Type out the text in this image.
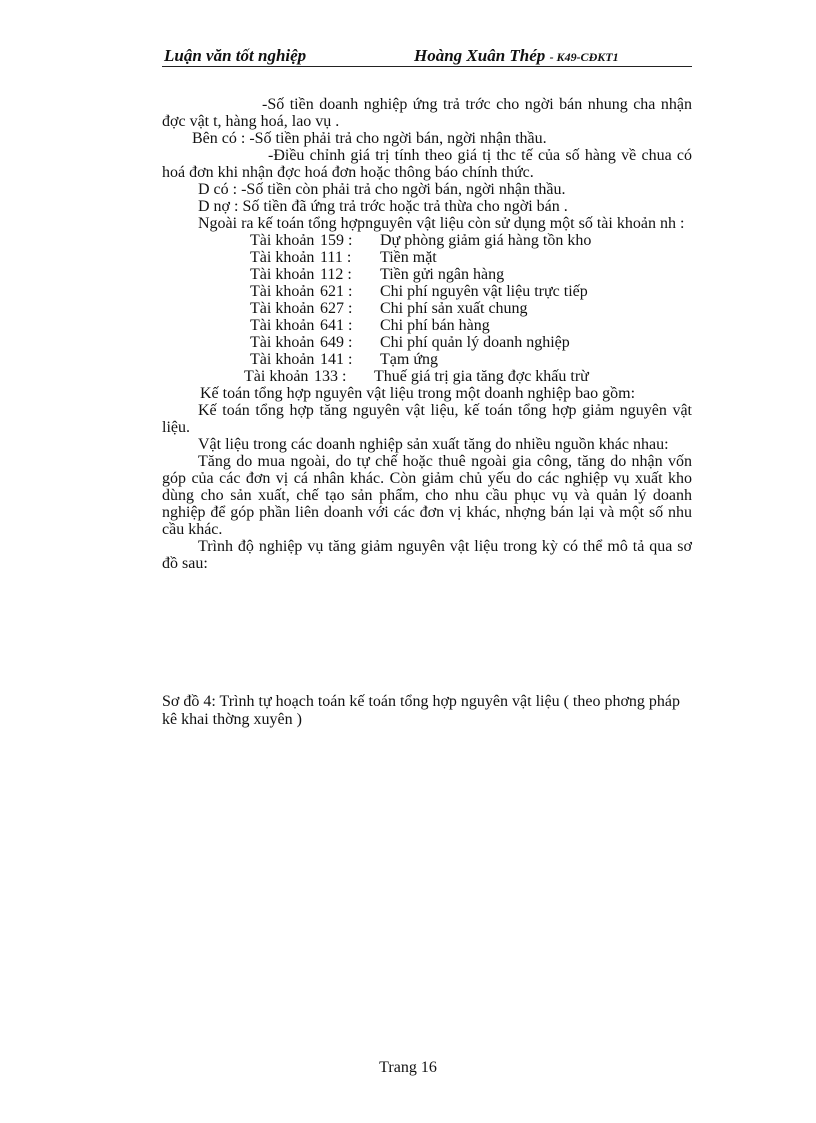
Luận văn tốt nghiệp	Hoàng Xuân Thép - K49-CĐKT1

-Số tiền doanh nghiệp ứng trả trớc cho ngời bán nhung cha nhận đợc vật t, hàng hoá, lao vụ .

Bên có : -Số tiền phải trả cho ngời bán, ngời nhận thầu.

-Điều chỉnh giá trị tính theo giá tị thc tế của số hàng về chua có hoá đơn khi nhận đợc hoá đơn hoặc thông báo chính thức.

D có : -Số tiền còn phải trả cho ngời bán, ngời nhận thầu.

D nợ : Số tiền đã ứng trả trớc hoặc trả thừa cho ngời bán .

Ngoài ra kế toán tổng hợpnguyên vật liệu còn sử dụng một số tài khoản nh :

Tài khoản 159 :	Dự phòng giảm giá hàng tồn kho
Tài khoản 111 :	Tiền mặt
Tài khoản 112 :	Tiền gửi ngân hàng
Tài khoản 621 :	Chi phí nguyên vật liệu trực tiếp
Tài khoản 627 :	Chi phí sản xuất chung
Tài khoản 641 :	Chi phí bán hàng
Tài khoản 649 :	Chi phí quản lý doanh nghiệp
Tài khoản 141 :	Tạm ứng
Tài khoản 133 :	Thuế giá trị gia tăng đợc khấu trừ

Kế toán tổng hợp nguyên vật liệu trong một doanh nghiệp bao gồm:

Kế toán tổng hợp tăng nguyên vật liệu, kế toán tổng hợp giảm nguyên vật liệu.

Vật liệu trong các doanh nghiệp sản xuất tăng do nhiều nguồn khác nhau:

Tăng do mua ngoài, do tự chế hoặc thuê ngoài gia công, tăng do nhận vốn góp của các đơn vị cá nhân khác. Còn giảm chủ yếu do các nghiệp vụ xuất kho dùng cho sản xuất, chế tạo sản phẩm, cho nhu cầu phục vụ và quản lý doanh nghiệp để góp phần liên doanh với các đơn vị khác, nhợng bán lại và một số nhu cầu khác.

Trình độ nghiệp vụ tăng giảm nguyên vật liệu trong kỳ có thể mô tả qua sơ đồ sau:

Sơ đồ 4: Trình tự hoạch toán kế toán tổng hợp nguyên vật liệu ( theo phơng pháp kê khai thờng xuyên )

Trang 16
